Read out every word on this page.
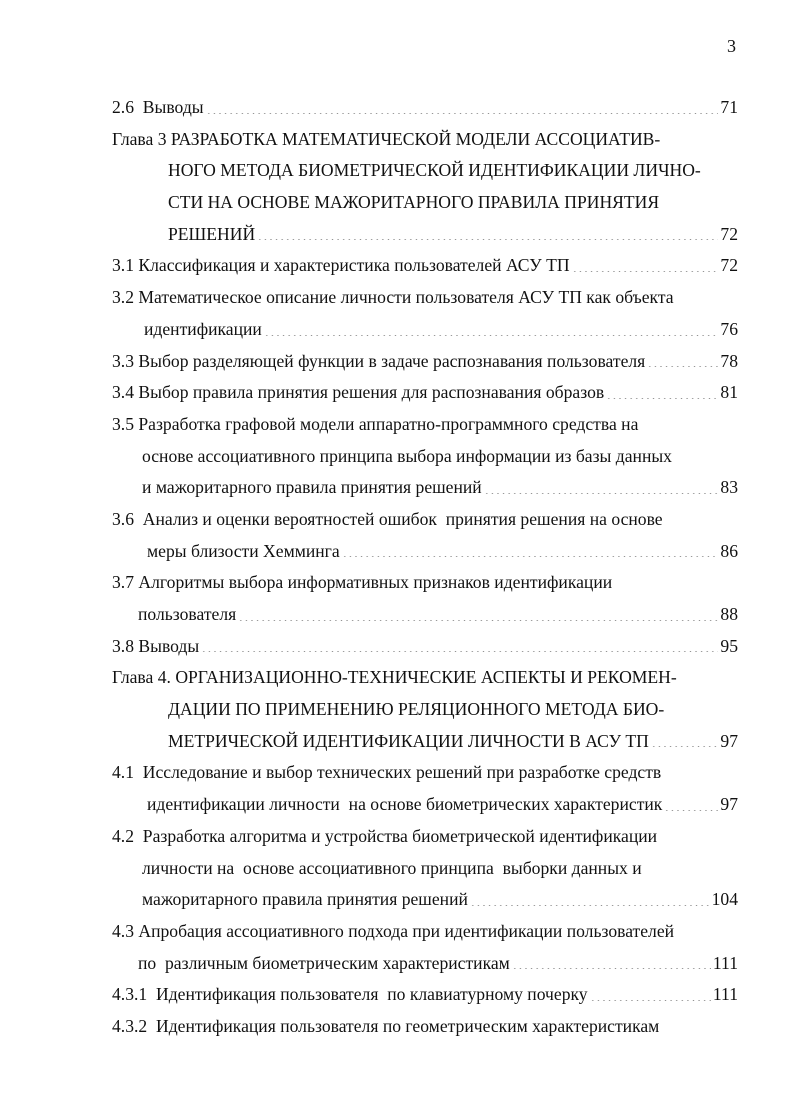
3
2.6  Выводы	71
Глава 3 РАЗРАБОТКА МАТЕМАТИЧЕСКОЙ МОДЕЛИ АССОЦИАТИВ-
НОГО МЕТОДА БИОМЕТРИЧЕСКОЙ ИДЕНТИФИКАЦИИ ЛИЧНО-
СТИ НА ОСНОВЕ МАЖОРИТАРНОГО ПРАВИЛА ПРИНЯТИЯ
РЕШЕНИЙ	72
3.1 Классификация и характеристика пользователей АСУ ТП	72
3.2 Математическое описание личности пользователя АСУ ТП как объекта
идентификации	76
3.3 Выбор разделяющей функции в задаче распознавания пользователя	78
3.4 Выбор правила принятия решения для распознавания образов	81
3.5 Разработка графовой модели аппаратно-программного средства на
основе ассоциативного принципа выбора информации из базы данных
и мажоритарного правила принятия решений	83
3.6  Анализ и оценки вероятностей ошибок  принятия решения на основе
меры близости Хемминга	86
3.7 Алгоритмы выбора информативных признаков идентификации
пользователя	88
3.8 Выводы	95
Глава 4. ОРГАНИЗАЦИОННО-ТЕХНИЧЕСКИЕ АСПЕКТЫ И РЕКОМЕН-
ДАЦИИ ПО ПРИМЕНЕНИЮ РЕЛЯЦИОННОГО МЕТОДА БИО-
МЕТРИЧЕСКОЙ ИДЕНТИФИКАЦИИ ЛИЧНОСТИ В АСУ ТП	97
4.1  Исследование и выбор технических решений при разработке средств
идентификации личности  на основе биометрических характеристик	97
4.2  Разработка алгоритма и устройства биометрической идентификации
личности на  основе ассоциативного принципа  выборки данных и
мажоритарного правила принятия решений	104
4.3 Апробация ассоциативного подхода при идентификации пользователей
по  различным биометрическим характеристикам	111
4.3.1  Идентификация пользователя  по клавиатурному почерку	111
4.3.2  Идентификация пользователя по геометрическим характеристикам
